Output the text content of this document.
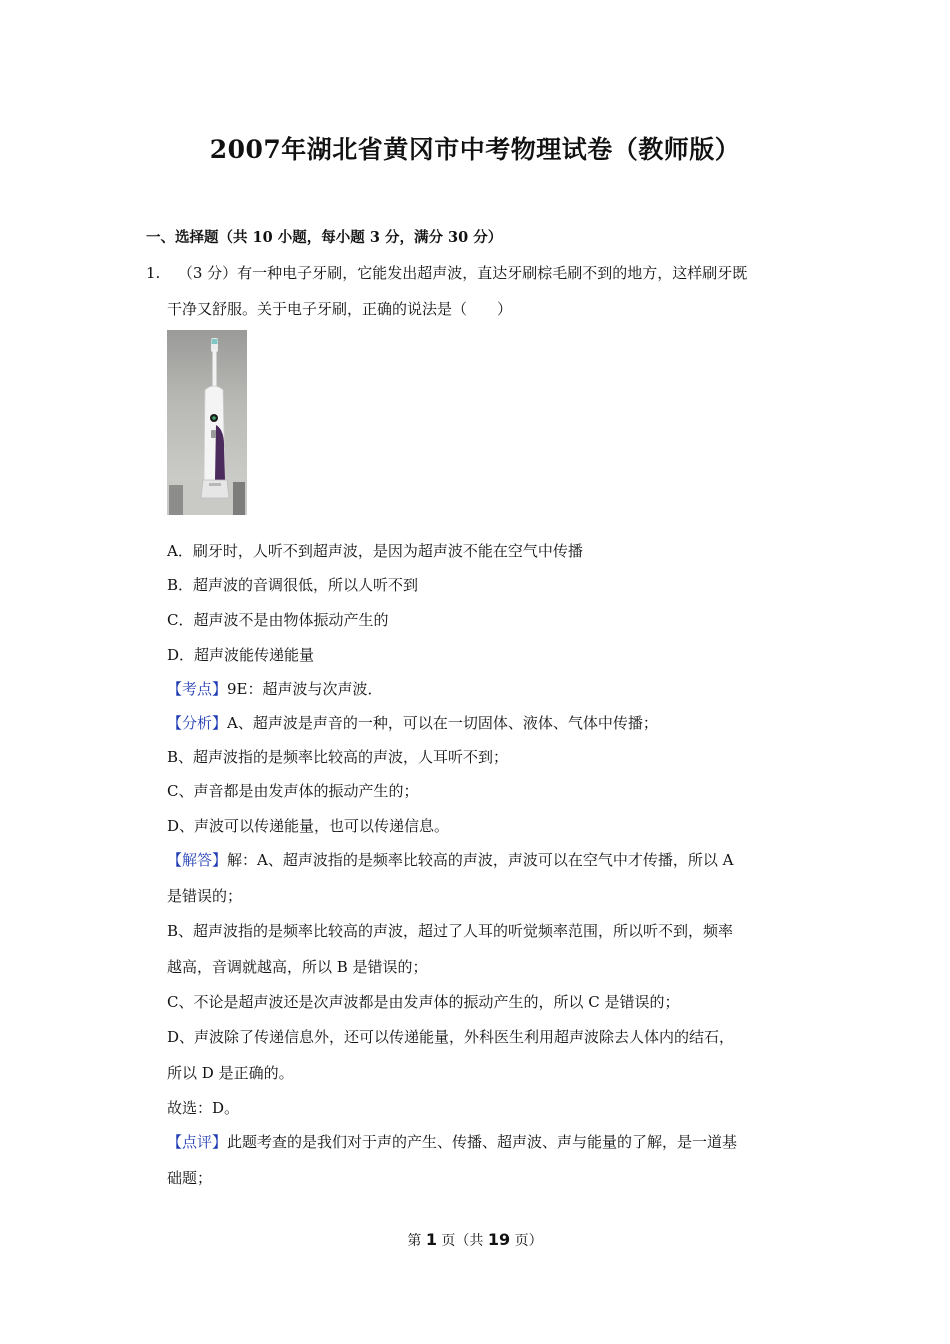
2007年湖北省黄冈市中考物理试卷（教师版）
一、选择题（共 10 小题，每小题 3 分，满分 30 分）
1. （3 分）有一种电子牙刷，它能发出超声波，直达牙刷棕毛刷不到的地方，这样刷牙既
干净又舒服。关于电子牙刷，正确的说法是（　　）
A．刷牙时，人听不到超声波，是因为超声波不能在空气中传播
B．超声波的音调很低，所以人听不到
C．超声波不是由物体振动产生的
D．超声波能传递能量
【考点】9E：超声波与次声波．
【分析】A、超声波是声音的一种，可以在一切固体、液体、气体中传播；
B、超声波指的是频率比较高的声波，人耳听不到；
C、声音都是由发声体的振动产生的；
D、声波可以传递能量，也可以传递信息。
【解答】解：A、超声波指的是频率比较高的声波，声波可以在空气中才传播，所以 A
是错误的；
B、超声波指的是频率比较高的声波，超过了人耳的听觉频率范围，所以听不到，频率
越高，音调就越高，所以 B 是错误的；
C、不论是超声波还是次声波都是由发声体的振动产生的，所以 C 是错误的；
D、声波除了传递信息外，还可以传递能量，外科医生利用超声波除去人体内的结石，
所以 D 是正确的。
故选：D。
【点评】此题考查的是我们对于声的产生、传播、超声波、声与能量的了解，是一道基
础题；
第 1 页（共 19 页）
